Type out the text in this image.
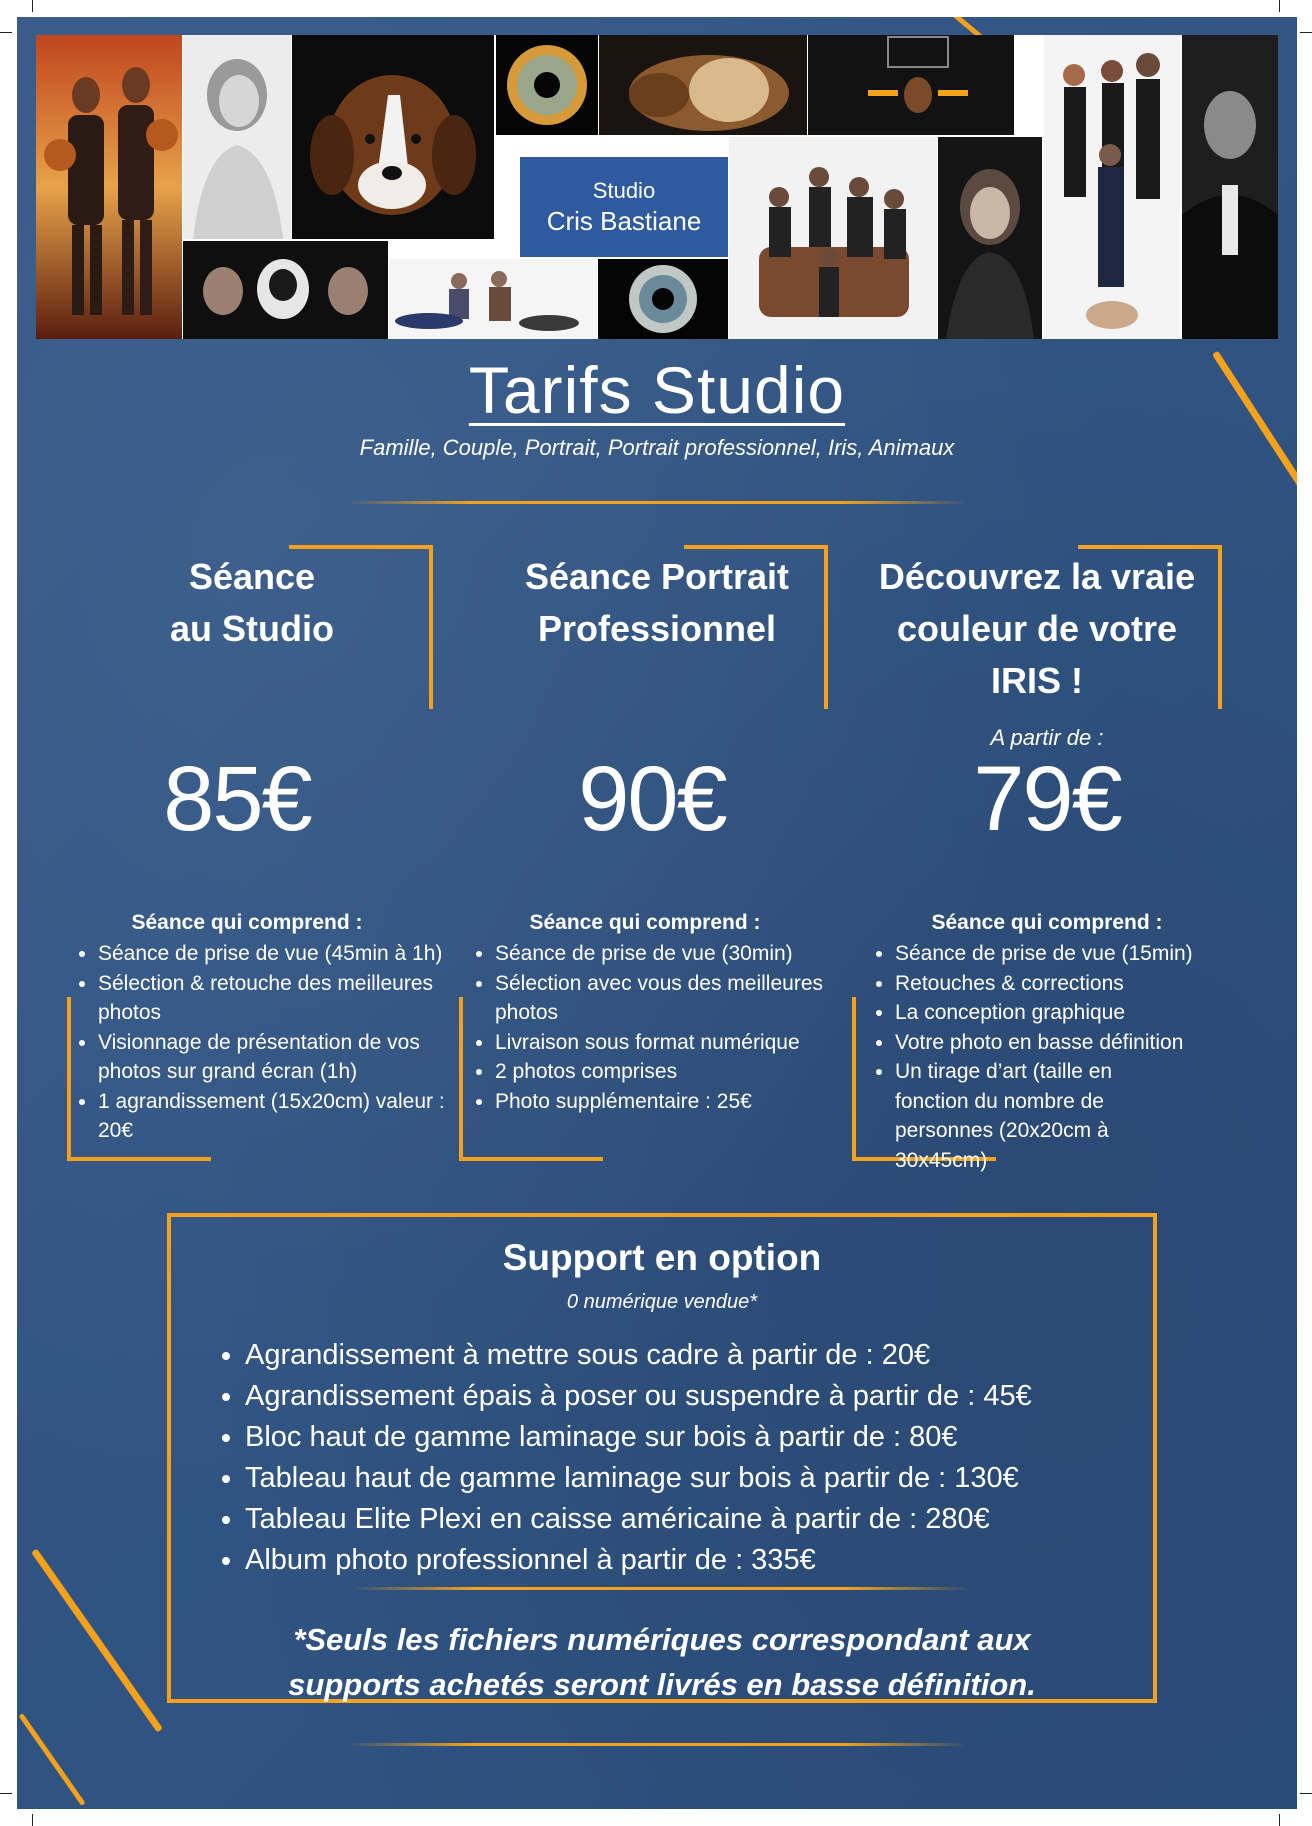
Studio
Cris Bastiane
Tarifs Studio
Famille, Couple, Portrait, Portrait professionnel, Iris, Animaux
Séance
au Studio
85€
Séance qui comprend :
• Séance de prise de vue (45min à 1h)
• Sélection & retouche des meilleures photos
• Visionnage de présentation de vos photos sur grand écran (1h)
• 1 agrandissement (15x20cm) valeur : 20€
Séance Portrait
Professionnel
90€
Séance qui comprend :
• Séance de prise de vue (30min)
• Sélection avec vous des meilleures photos
• Livraison sous format numérique
• 2 photos comprises
• Photo supplémentaire : 25€
Découvrez la vraie
couleur de votre
IRIS !
A partir de :
79€
Séance qui comprend :
• Séance de prise de vue (15min)
• Retouches & corrections
• La conception graphique
• Votre photo en basse définition
• Un tirage d’art (taille en fonction du nombre de personnes (20x20cm à 30x45cm)
Support en option
0 numérique vendue*
• Agrandissement à mettre sous cadre à partir de : 20€
• Agrandissement épais à poser ou suspendre à partir de : 45€
• Bloc haut de gamme laminage sur bois à partir de : 80€
• Tableau haut de gamme laminage sur bois à partir de : 130€
• Tableau Elite Plexi en caisse américaine à partir de : 280€
• Album photo professionnel à partir de : 335€
*Seuls les fichiers numériques correspondant aux
supports achetés seront livrés en basse définition.
